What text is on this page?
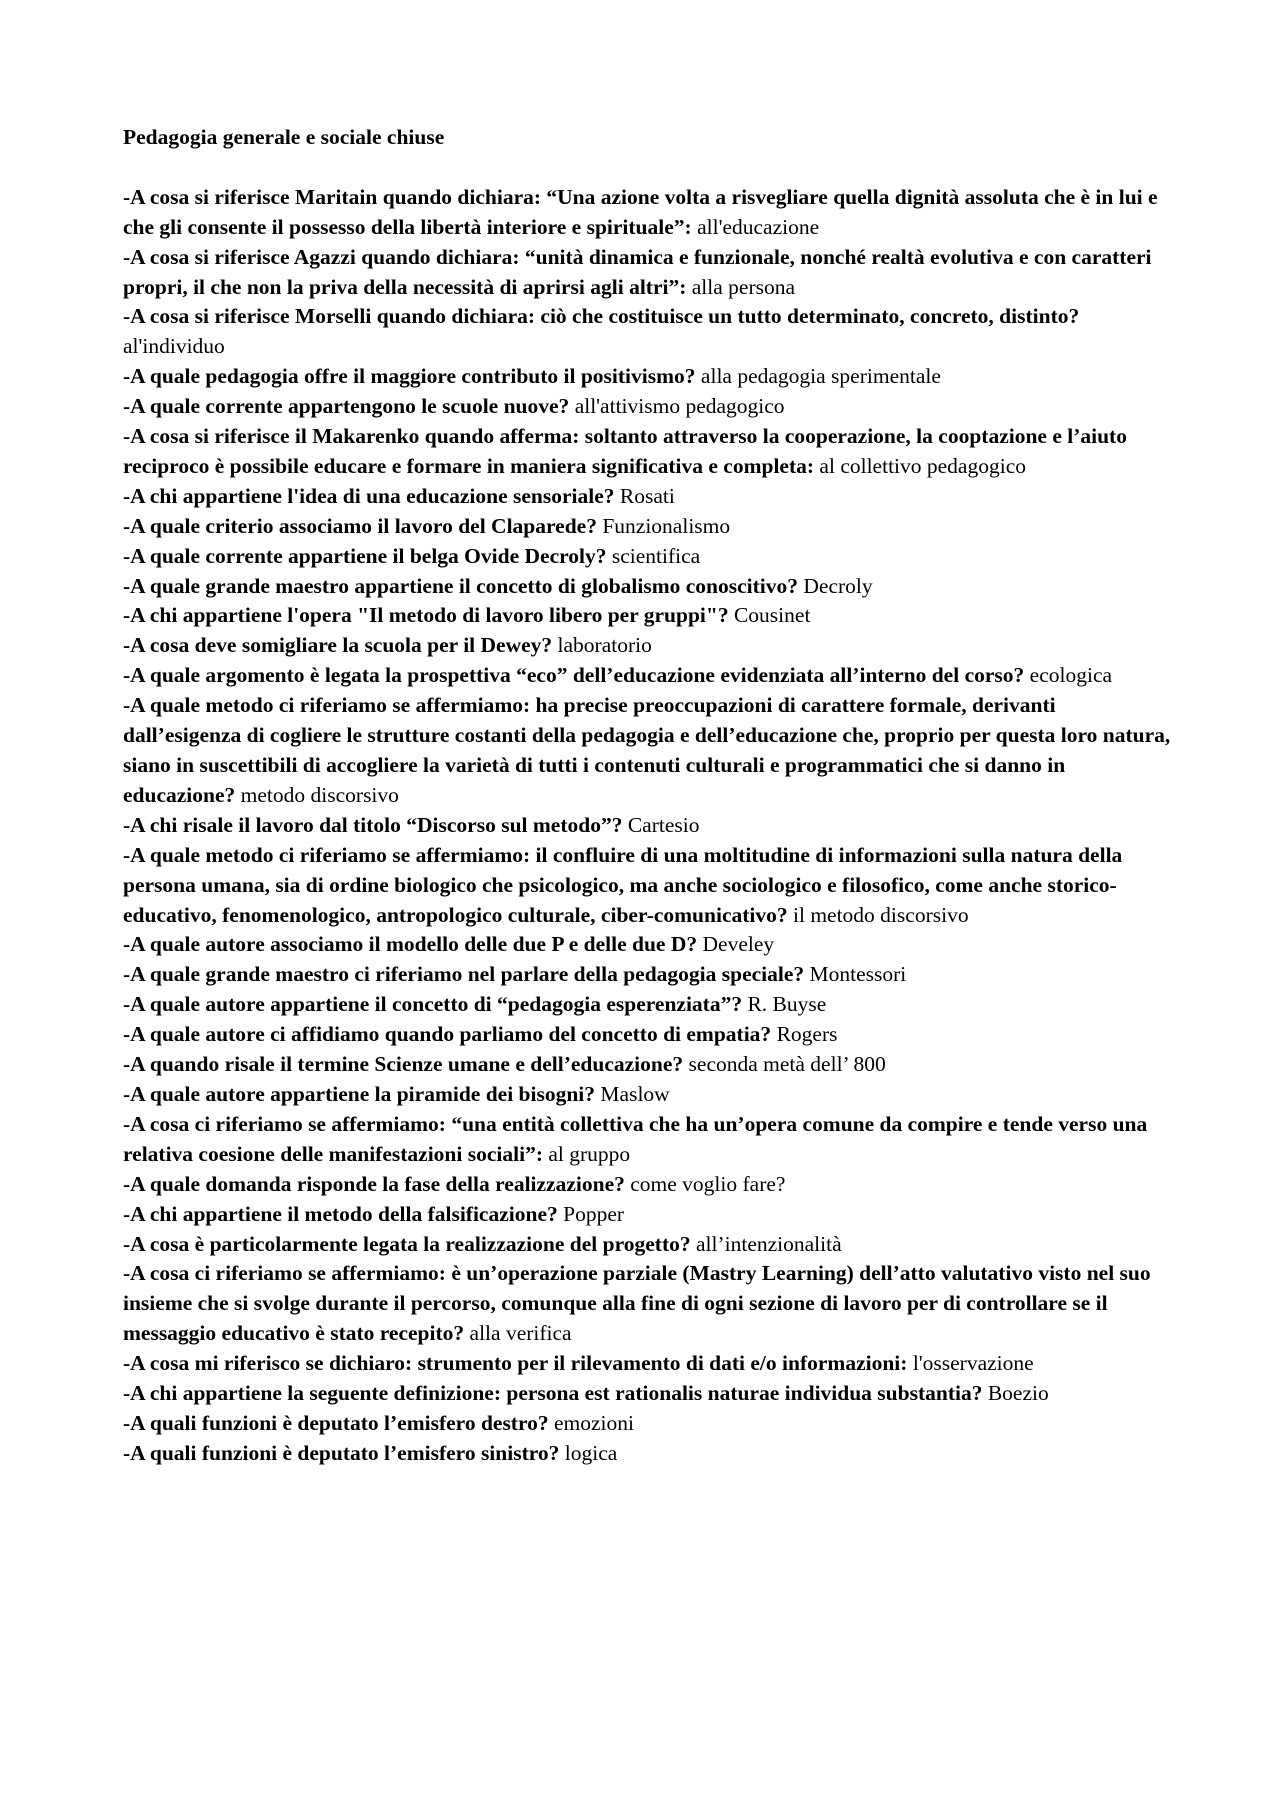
Pedagogia generale e sociale chiuse

-A cosa si riferisce Maritain quando dichiara: “Una azione volta a risvegliare quella dignità assoluta che è in lui e che gli consente il possesso della libertà interiore e spirituale”: all'educazione

-A cosa si riferisce Agazzi quando dichiara: “unità dinamica e funzionale, nonché realtà evolutiva e con caratteri propri, il che non la priva della necessità di aprirsi agli altri”: alla persona

-A cosa si riferisce Morselli quando dichiara: ciò che costituisce un tutto determinato, concreto, distinto? al'individuo

-A quale pedagogia offre il maggiore contributo il positivismo? alla pedagogia sperimentale

-A quale corrente appartengono le scuole nuove? all'attivismo pedagogico

-A cosa si riferisce il Makarenko quando afferma: soltanto attraverso la cooperazione, la cooptazione e l’aiuto reciproco è possibile educare e formare in maniera significativa e completa: al collettivo pedagogico

-A chi appartiene l'idea di una educazione sensoriale? Rosati

-A quale criterio associamo il lavoro del Claparede? Funzionalismo

-A quale corrente appartiene il belga Ovide Decroly? scientifica

-A quale grande maestro appartiene il concetto di globalismo conoscitivo? Decroly

-A chi appartiene l'opera "Il metodo di lavoro libero per gruppi"? Cousinet

-A cosa deve somigliare la scuola per il Dewey? laboratorio

-A quale argomento è legata la prospettiva “eco” dell’educazione evidenziata all’interno del corso? ecologica

-A quale metodo ci riferiamo se affermiamo: ha precise preoccupazioni di carattere formale, derivanti dall’esigenza di cogliere le strutture costanti della pedagogia e dell’educazione che, proprio per questa loro natura, siano in suscettibili di accogliere la varietà di tutti i contenuti culturali e programmatici che si danno in educazione? metodo discorsivo

-A chi risale il lavoro dal titolo “Discorso sul metodo”? Cartesio

-A quale metodo ci riferiamo se affermiamo: il confluire di una moltitudine di informazioni sulla natura della persona umana, sia di ordine biologico che psicologico, ma anche sociologico e filosofico, come anche storico-educativo, fenomenologico, antropologico culturale, ciber-comunicativo? il metodo discorsivo

-A quale autore associamo il modello delle due P e delle due D? Develey

-A quale grande maestro ci riferiamo nel parlare della pedagogia speciale? Montessori

-A quale autore appartiene il concetto di “pedagogia esperenziata”? R. Buyse

-A quale autore ci affidiamo quando parliamo del concetto di empatia? Rogers

-A quando risale il termine Scienze umane e dell’educazione? seconda metà dell’ 800

-A quale autore appartiene la piramide dei bisogni? Maslow

-A cosa ci riferiamo se affermiamo: “una entità collettiva che ha un’opera comune da compire e tende verso una relativa coesione delle manifestazioni sociali”: al gruppo

-A quale domanda risponde la fase della realizzazione? come voglio fare?

-A chi appartiene il metodo della falsificazione? Popper

-A cosa è particolarmente legata la realizzazione del progetto? all’intenzionalità

-A cosa ci riferiamo se affermiamo: è un’operazione parziale (Mastry Learning) dell’atto valutativo visto nel suo insieme che si svolge durante il percorso, comunque alla fine di ogni sezione di lavoro per di controllare se il messaggio educativo è stato recepito? alla verifica

-A cosa mi riferisco se dichiaro: strumento per il rilevamento di dati e/o informazioni: l'osservazione

-A chi appartiene la seguente definizione: persona est rationalis naturae individua substantia? Boezio

-A quali funzioni è deputato l’emisfero destro? emozioni

-A quali funzioni è deputato l’emisfero sinistro? logica
